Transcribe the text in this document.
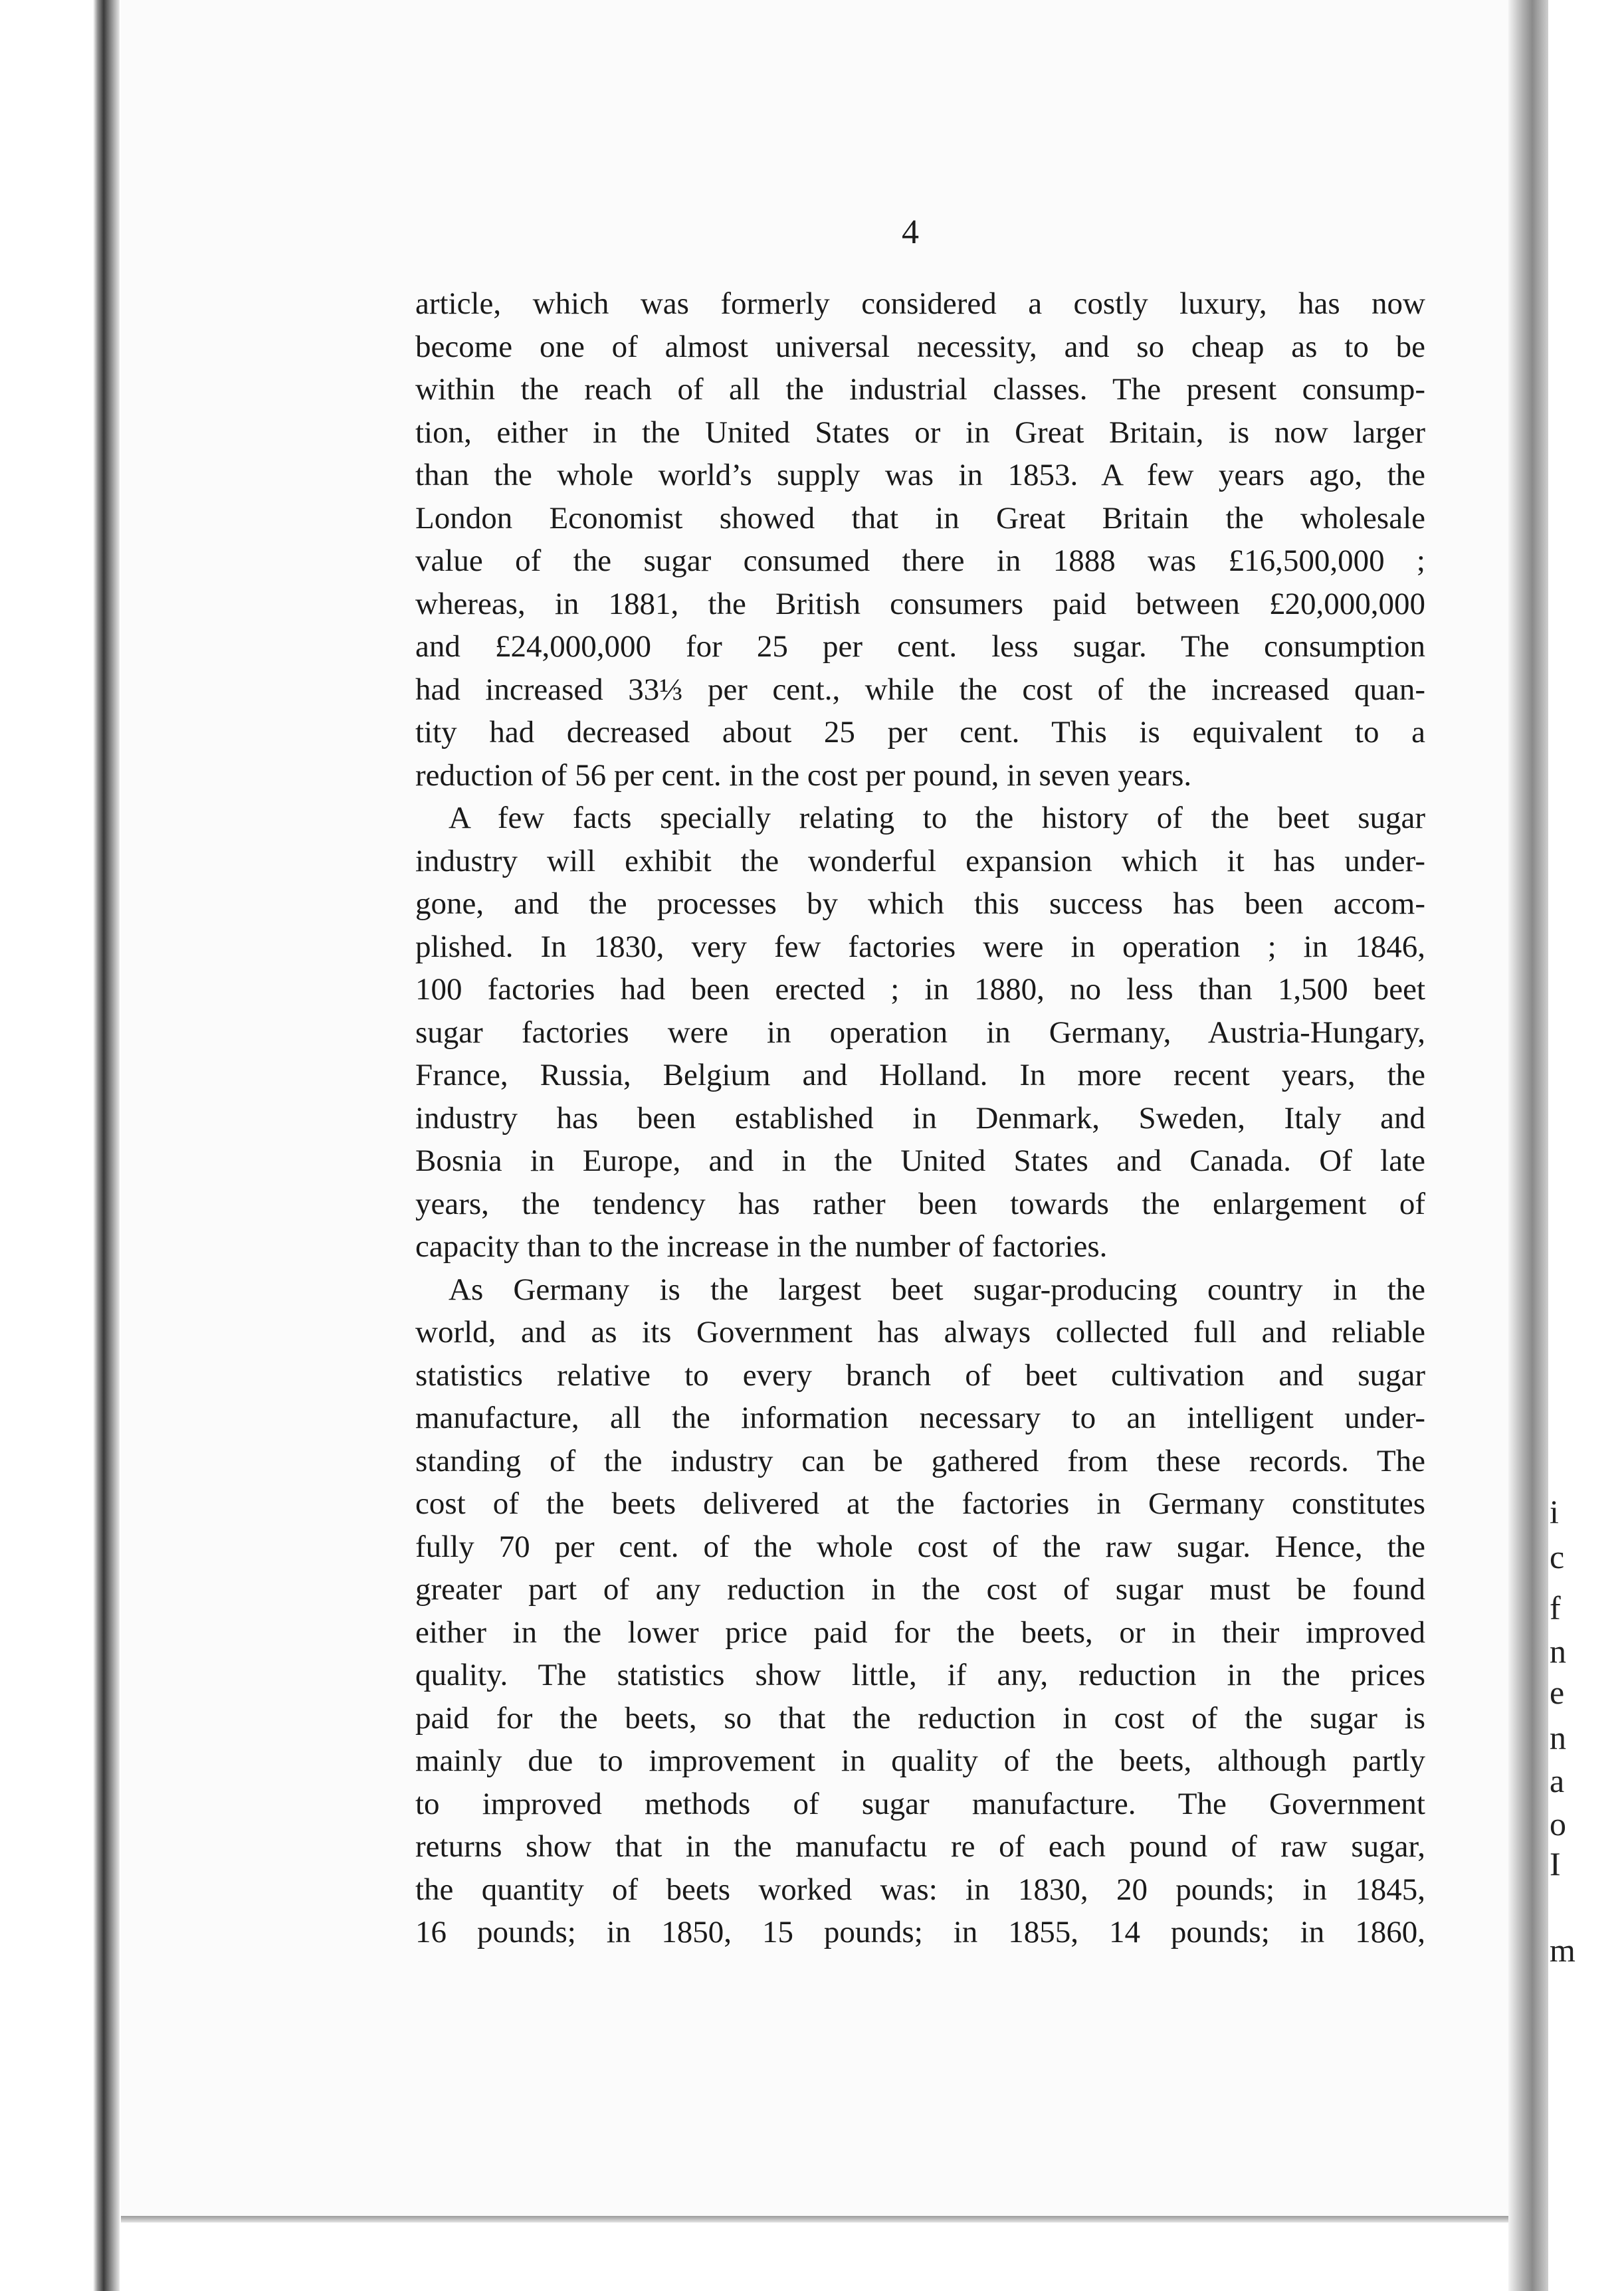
i
c
f
n
e
n
a
o
I
m
4
article, which was formerly considered a costly luxury, has now
become one of almost universal necessity, and so cheap as to be
within the reach of all the industrial classes. The present consump-
tion, either in the United States or in Great Britain, is now larger
than the whole world’s supply was in 1853. A few years ago, the
London Economist showed that in Great Britain the wholesale
value of the sugar consumed there in 1888 was £16,500,000 ;
whereas, in 1881, the British consumers paid between £20,000,000
and £24,000,000 for 25 per cent. less sugar. The consumption
had increased 33⅓ per cent., while the cost of the increased quan-
tity had decreased about 25 per cent. This is equivalent to a
reduction of 56 per cent. in the cost per pound, in seven years.
A few facts specially relating to the history of the beet sugar
industry will exhibit the wonderful expansion which it has under-
gone, and the processes by which this success has been accom-
plished. In 1830, very few factories were in operation ; in 1846,
100 factories had been erected ; in 1880, no less than 1,500 beet
sugar factories were in operation in Germany, Austria-Hungary,
France, Russia, Belgium and Holland. In more recent years, the
industry has been established in Denmark, Sweden, Italy and
Bosnia in Europe, and in the United States and Canada. Of late
years, the tendency has rather been towards the enlargement of
capacity than to the increase in the number of factories.
As Germany is the largest beet sugar-producing country in the
world, and as its Government has always collected full and reliable
statistics relative to every branch of beet cultivation and sugar
manufacture, all the information necessary to an intelligent under-
standing of the industry can be gathered from these records. The
cost of the beets delivered at the factories in Germany constitutes
fully 70 per cent. of the whole cost of the raw sugar. Hence, the
greater part of any reduction in the cost of sugar must be found
either in the lower price paid for the beets, or in their improved
quality. The statistics show little, if any, reduction in the prices
paid for the beets, so that the reduction in cost of the sugar is
mainly due to improvement in quality of the beets, although partly
to improved methods of sugar manufacture. The Government
returns show that in the manufactu re of each pound of raw sugar,
the quantity of beets worked was: in 1830, 20 pounds; in 1845,
16 pounds; in 1850, 15 pounds; in 1855, 14 pounds; in 1860,
